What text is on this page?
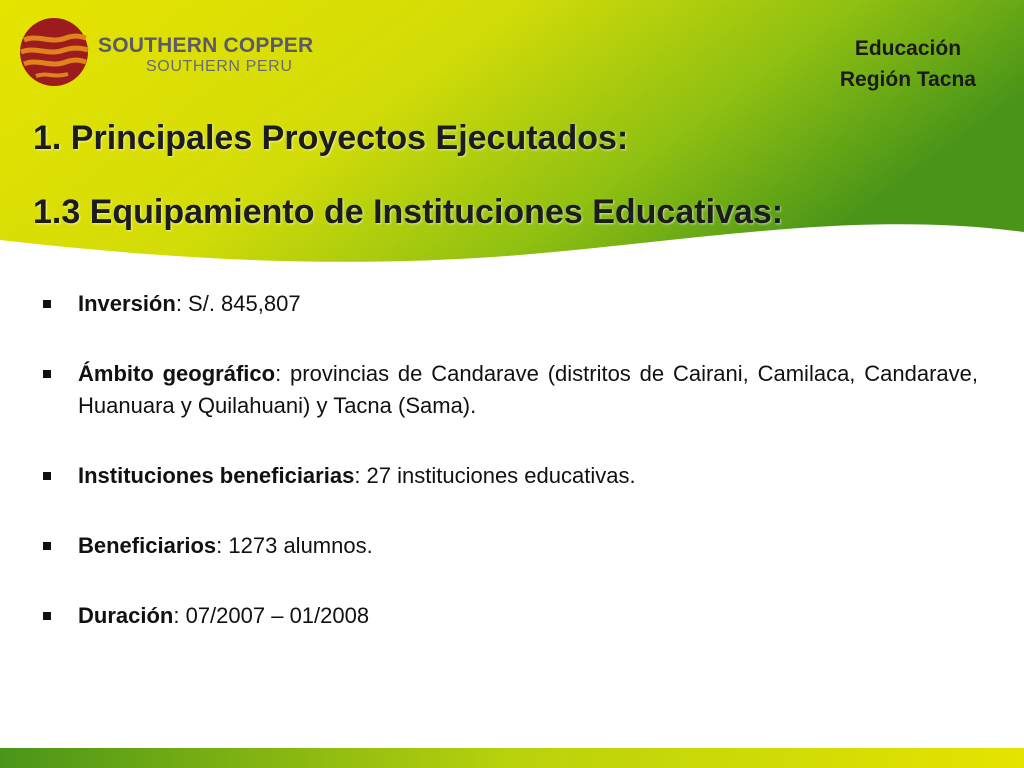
SOUTHERN COPPER
SOUTHERN PERU
Educación
Región Tacna
1. Principales Proyectos Ejecutados:
1.3 Equipamiento de Instituciones Educativas:
Inversión: S/. 845,807
Ámbito geográfico: provincias de Candarave (distritos de Cairani, Camilaca, Candarave, Huanuara y Quilahuani) y Tacna (Sama).
Instituciones beneficiarias: 27 instituciones educativas.
Beneficiarios: 1273 alumnos.
Duración: 07/2007 – 01/2008
